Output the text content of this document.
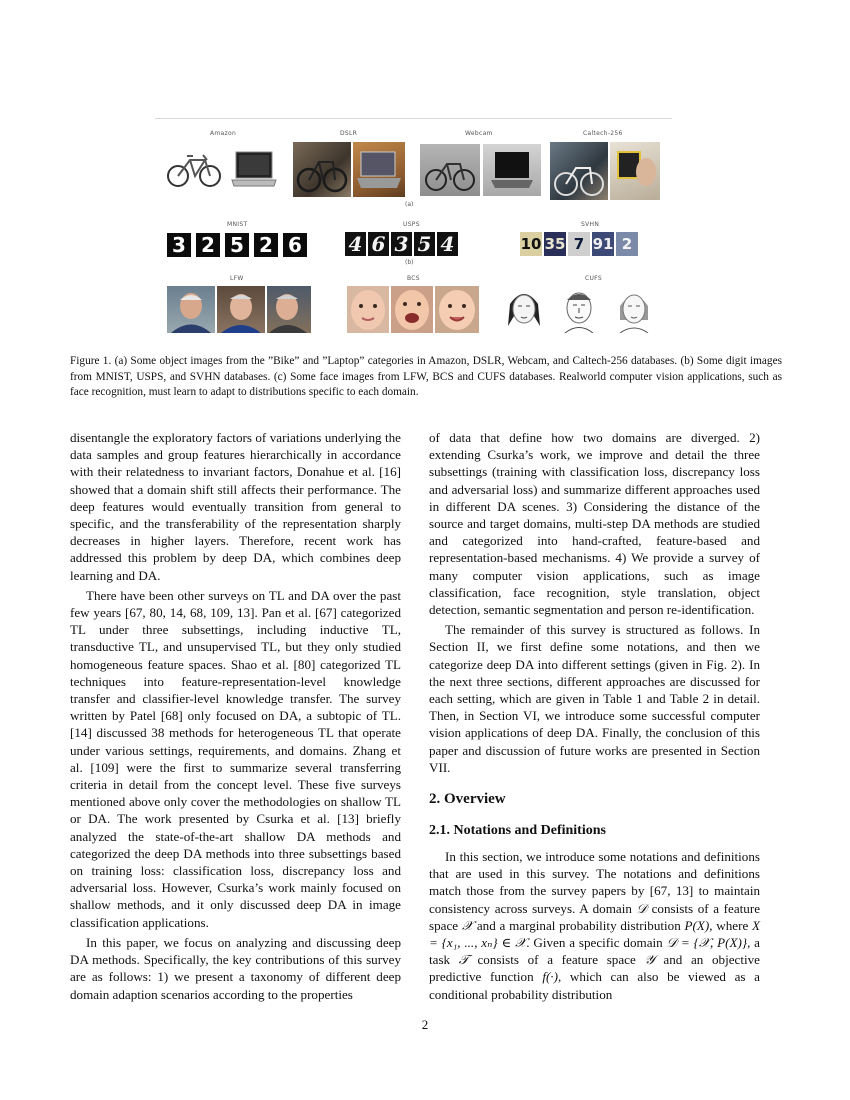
Amazon	DSLR	Webcam	Caltech-256
(a)
MNIST	USPS	SVHN
3 2 5 2 6 4 6 3 5 4	10 35 7 91 2
(b)
LFW	BCS	CUFS
Figure 1. (a) Some object images from the ”Bike” and ”Laptop” categories in Amazon, DSLR, Webcam, and Caltech-256 databases. (b) Some digit images from MNIST, USPS, and SVHN databases. (c) Some face images from LFW, BCS and CUFS databases. Realworld computer vision applications, such as face recognition, must learn to adapt to distributions specific to each domain.

disentangle the exploratory factors of variations underlying the data samples and group features hierarchically in accordance with their relatedness to invariant factors, Donahue et al. [16] showed that a domain shift still affects their performance. The deep features would eventually transition from general to specific, and the transferability of the representation sharply decreases in higher layers. Therefore, recent work has addressed this problem by deep DA, which combines deep learning and DA.

There have been other surveys on TL and DA over the past few years [67, 80, 14, 68, 109, 13]. Pan et al. [67] categorized TL under three subsettings, including inductive TL, transductive TL, and unsupervised TL, but they only studied homogeneous feature spaces. Shao et al. [80] categorized TL techniques into feature-representation-level knowledge transfer and classifier-level knowledge transfer. The survey written by Patel [68] only focused on DA, a subtopic of TL. [14] discussed 38 methods for heterogeneous TL that operate under various settings, requirements, and domains. Zhang et al. [109] were the first to summarize several transferring criteria in detail from the concept level. These five surveys mentioned above only cover the methodologies on shallow TL or DA. The work presented by Csurka et al. [13] briefly analyzed the state-of-the-art shallow DA methods and categorized the deep DA methods into three subsettings based on training loss: classification loss, discrepancy loss and adversarial loss. However, Csurka’s work mainly focused on shallow methods, and it only discussed deep DA in image classification applications.

In this paper, we focus on analyzing and discussing deep DA methods. Specifically, the key contributions of this survey are as follows: 1) we present a taxonomy of different deep domain adaption scenarios according to the properties

of data that define how two domains are diverged. 2) extending Csurka’s work, we improve and detail the three subsettings (training with classification loss, discrepancy loss and adversarial loss) and summarize different approaches used in different DA scenes. 3) Considering the distance of the source and target domains, multi-step DA methods are studied and categorized into hand-crafted, feature-based and representation-based mechanisms. 4) We provide a survey of many computer vision applications, such as image classification, face recognition, style translation, object detection, semantic segmentation and person re-identification.

The remainder of this survey is structured as follows. In Section II, we first define some notations, and then we categorize deep DA into different settings (given in Fig. 2). In the next three sections, different approaches are discussed for each setting, which are given in Table 1 and Table 2 in detail. Then, in Section VI, we introduce some successful computer vision applications of deep DA. Finally, the conclusion of this paper and discussion of future works are presented in Section VII.

2. Overview
2.1. Notations and Definitions

In this section, we introduce some notations and definitions that are used in this survey. The notations and definitions match those from the survey papers by [67, 13] to maintain consistency across surveys. A domain 𝒟 consists of a feature space 𝒳 and a marginal probability distribution P(X), where X = {x₁, ..., xₙ} ∈ 𝒳. Given a specific domain 𝒟 = {𝒳, P(X)}, a task 𝒯 consists of a feature space 𝒴 and an objective predictive function f(·), which can also be viewed as a conditional probability distribution

2
